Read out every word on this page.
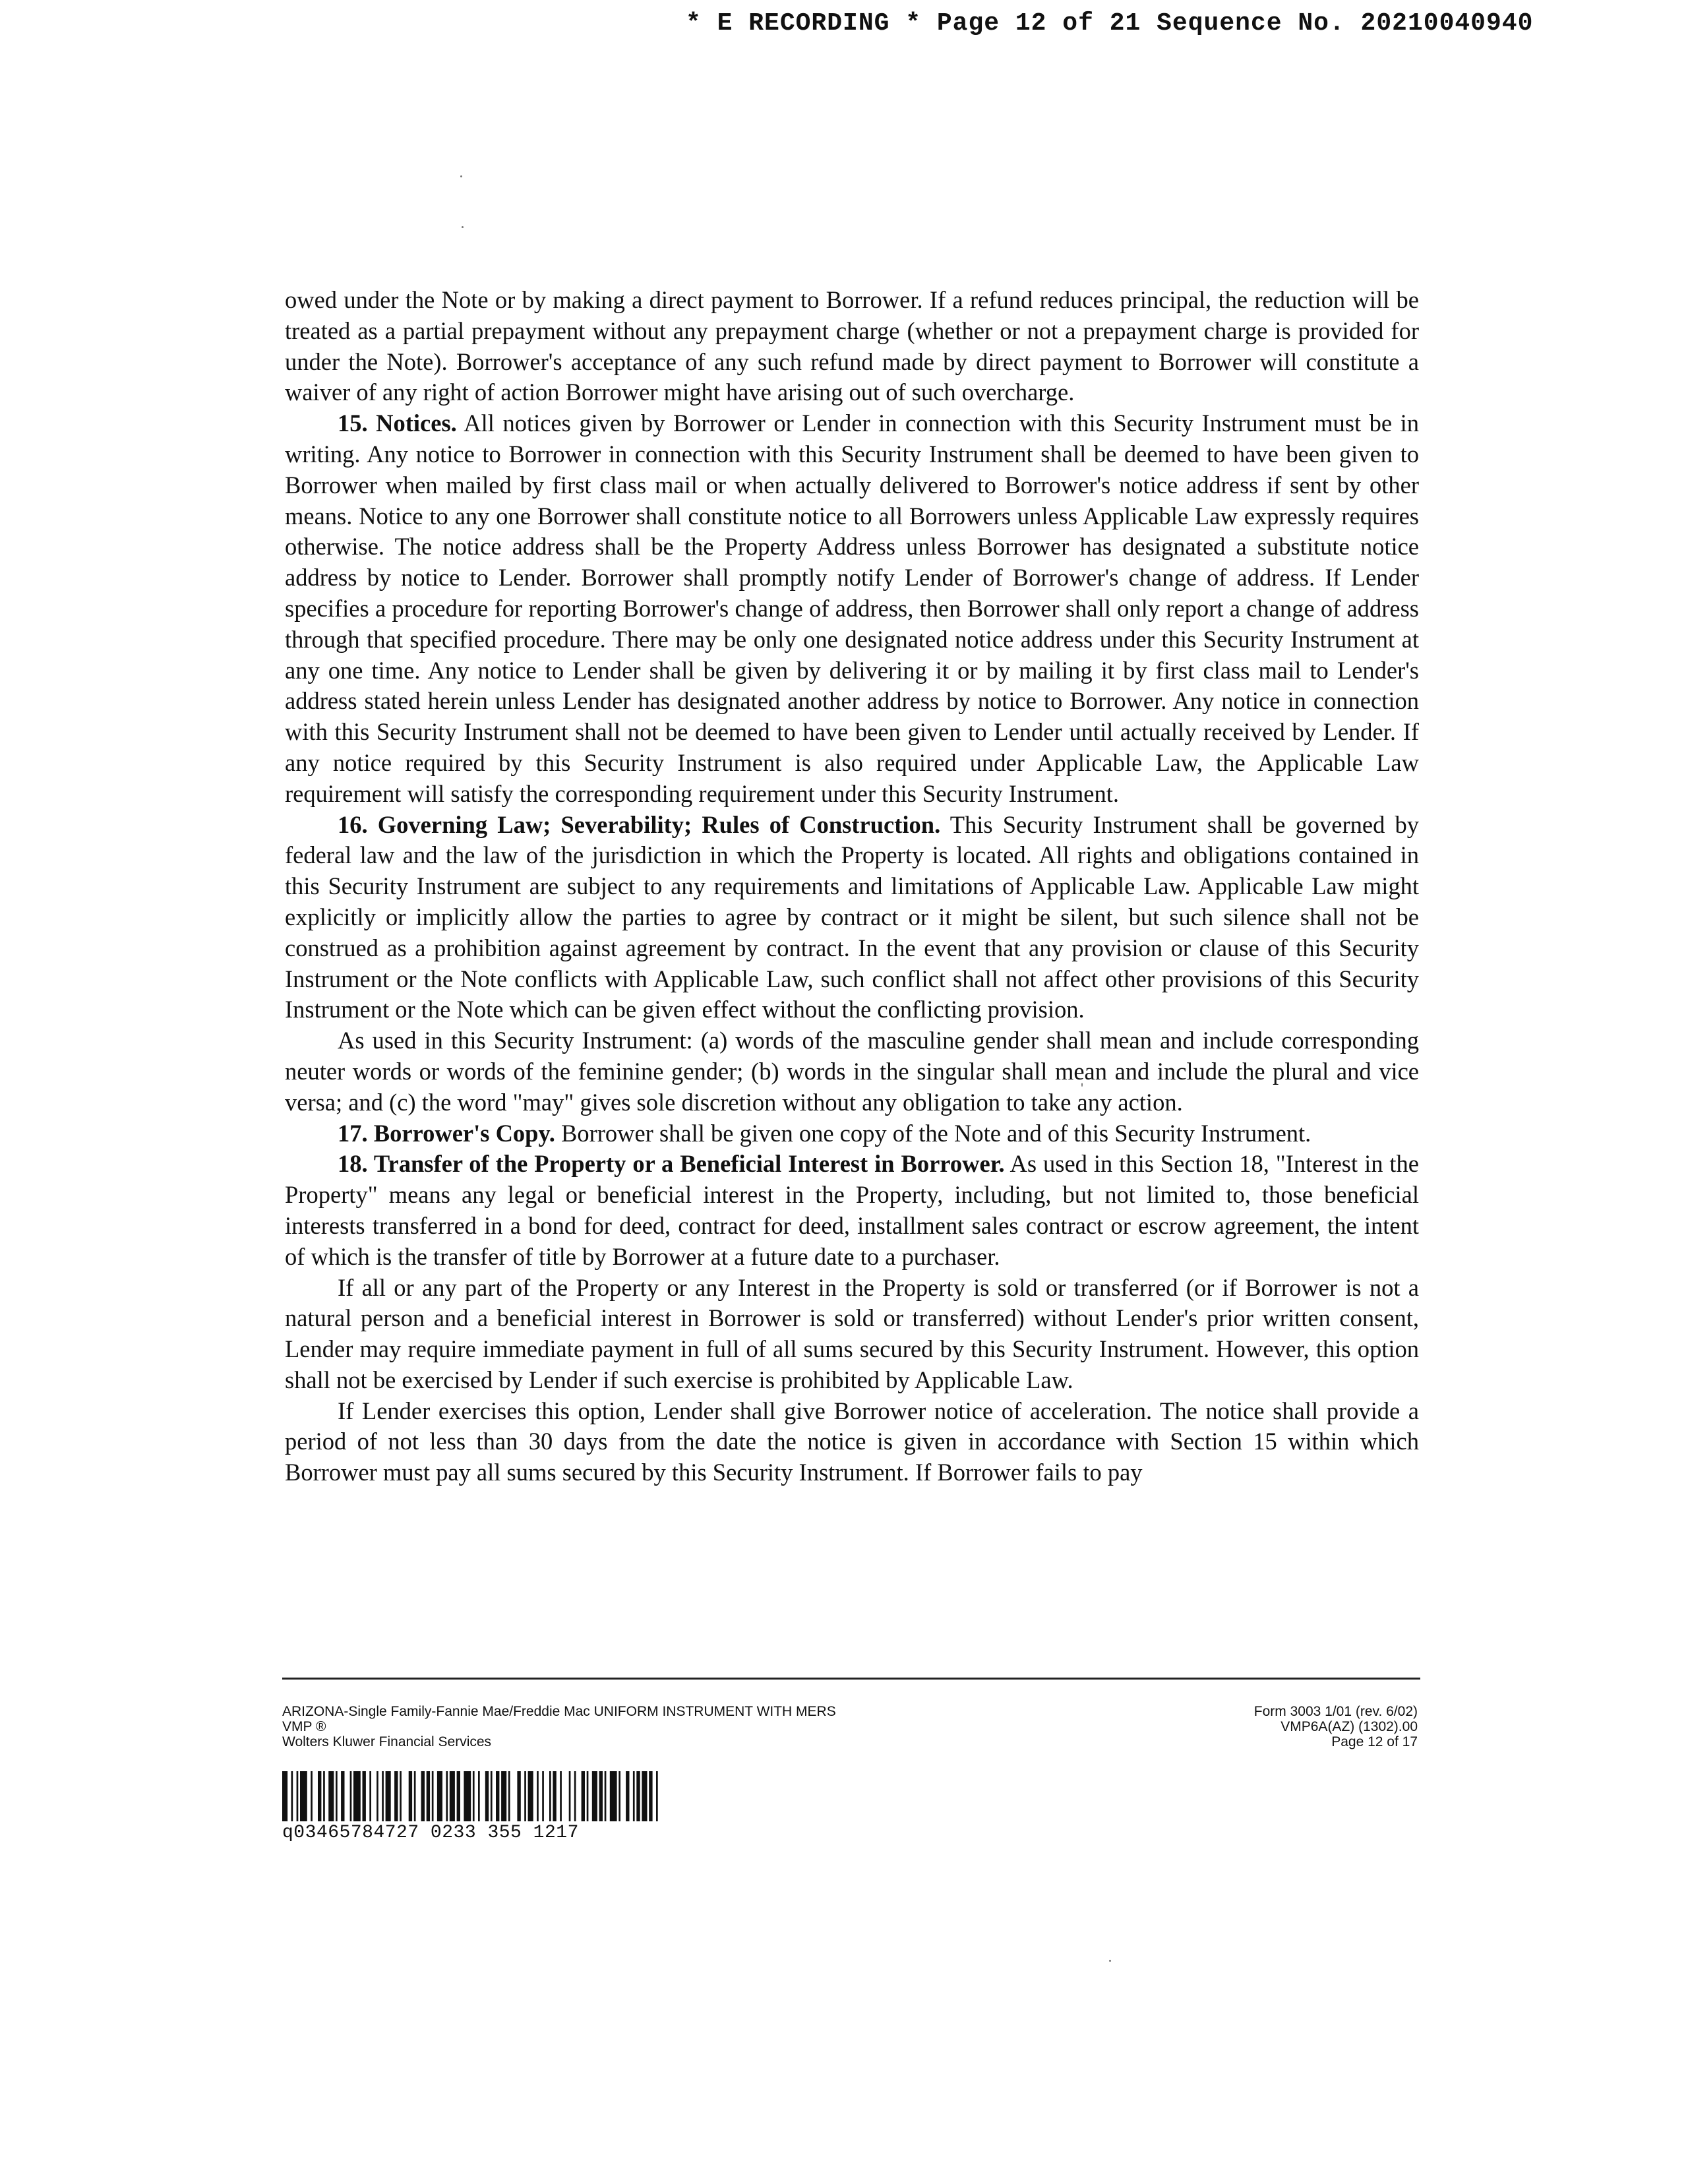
* E RECORDING * Page 12 of 21 Sequence No. 20210040940

owed under the Note or by making a direct payment to Borrower. If a refund reduces principal, the reduction will be treated as a partial prepayment without any prepayment charge (whether or not a prepayment charge is provided for under the Note). Borrower's acceptance of any such refund made by direct payment to Borrower will constitute a waiver of any right of action Borrower might have arising out of such overcharge.

15. Notices. All notices given by Borrower or Lender in connection with this Security Instrument must be in writing. Any notice to Borrower in connection with this Security Instrument shall be deemed to have been given to Borrower when mailed by first class mail or when actually delivered to Borrower's notice address if sent by other means. Notice to any one Borrower shall constitute notice to all Borrowers unless Applicable Law expressly requires otherwise. The notice address shall be the Property Address unless Borrower has designated a substitute notice address by notice to Lender. Borrower shall promptly notify Lender of Borrower's change of address. If Lender specifies a procedure for reporting Borrower's change of address, then Borrower shall only report a change of address through that specified procedure. There may be only one designated notice address under this Security Instrument at any one time. Any notice to Lender shall be given by delivering it or by mailing it by first class mail to Lender's address stated herein unless Lender has designated another address by notice to Borrower. Any notice in connection with this Security Instrument shall not be deemed to have been given to Lender until actually received by Lender. If any notice required by this Security Instrument is also required under Applicable Law, the Applicable Law requirement will satisfy the corresponding requirement under this Security Instrument.

16. Governing Law; Severability; Rules of Construction. This Security Instrument shall be governed by federal law and the law of the jurisdiction in which the Property is located. All rights and obligations contained in this Security Instrument are subject to any requirements and limitations of Applicable Law. Applicable Law might explicitly or implicitly allow the parties to agree by contract or it might be silent, but such silence shall not be construed as a prohibition against agreement by contract. In the event that any provision or clause of this Security Instrument or the Note conflicts with Applicable Law, such conflict shall not affect other provisions of this Security Instrument or the Note which can be given effect without the conflicting provision.

As used in this Security Instrument: (a) words of the masculine gender shall mean and include corresponding neuter words or words of the feminine gender; (b) words in the singular shall mean and include the plural and vice versa; and (c) the word "may" gives sole discretion without any obligation to take any action.

17. Borrower's Copy. Borrower shall be given one copy of the Note and of this Security Instrument.

18. Transfer of the Property or a Beneficial Interest in Borrower. As used in this Section 18, "Interest in the Property" means any legal or beneficial interest in the Property, including, but not limited to, those beneficial interests transferred in a bond for deed, contract for deed, installment sales contract or escrow agreement, the intent of which is the transfer of title by Borrower at a future date to a purchaser.

If all or any part of the Property or any Interest in the Property is sold or transferred (or if Borrower is not a natural person and a beneficial interest in Borrower is sold or transferred) without Lender's prior written consent, Lender may require immediate payment in full of all sums secured by this Security Instrument. However, this option shall not be exercised by Lender if such exercise is prohibited by Applicable Law.

If Lender exercises this option, Lender shall give Borrower notice of acceleration. The notice shall provide a period of not less than 30 days from the date the notice is given in accordance with Section 15 within which Borrower must pay all sums secured by this Security Instrument. If Borrower fails to pay

ARIZONA-Single Family-Fannie Mae/Freddie Mac UNIFORM INSTRUMENT WITH MERS
VMP ®
Wolters Kluwer Financial Services
Form 3003 1/01 (rev. 6/02)
VMP6A(AZ) (1302).00
Page 12 of 17
q03465784727 0233 355 1217
